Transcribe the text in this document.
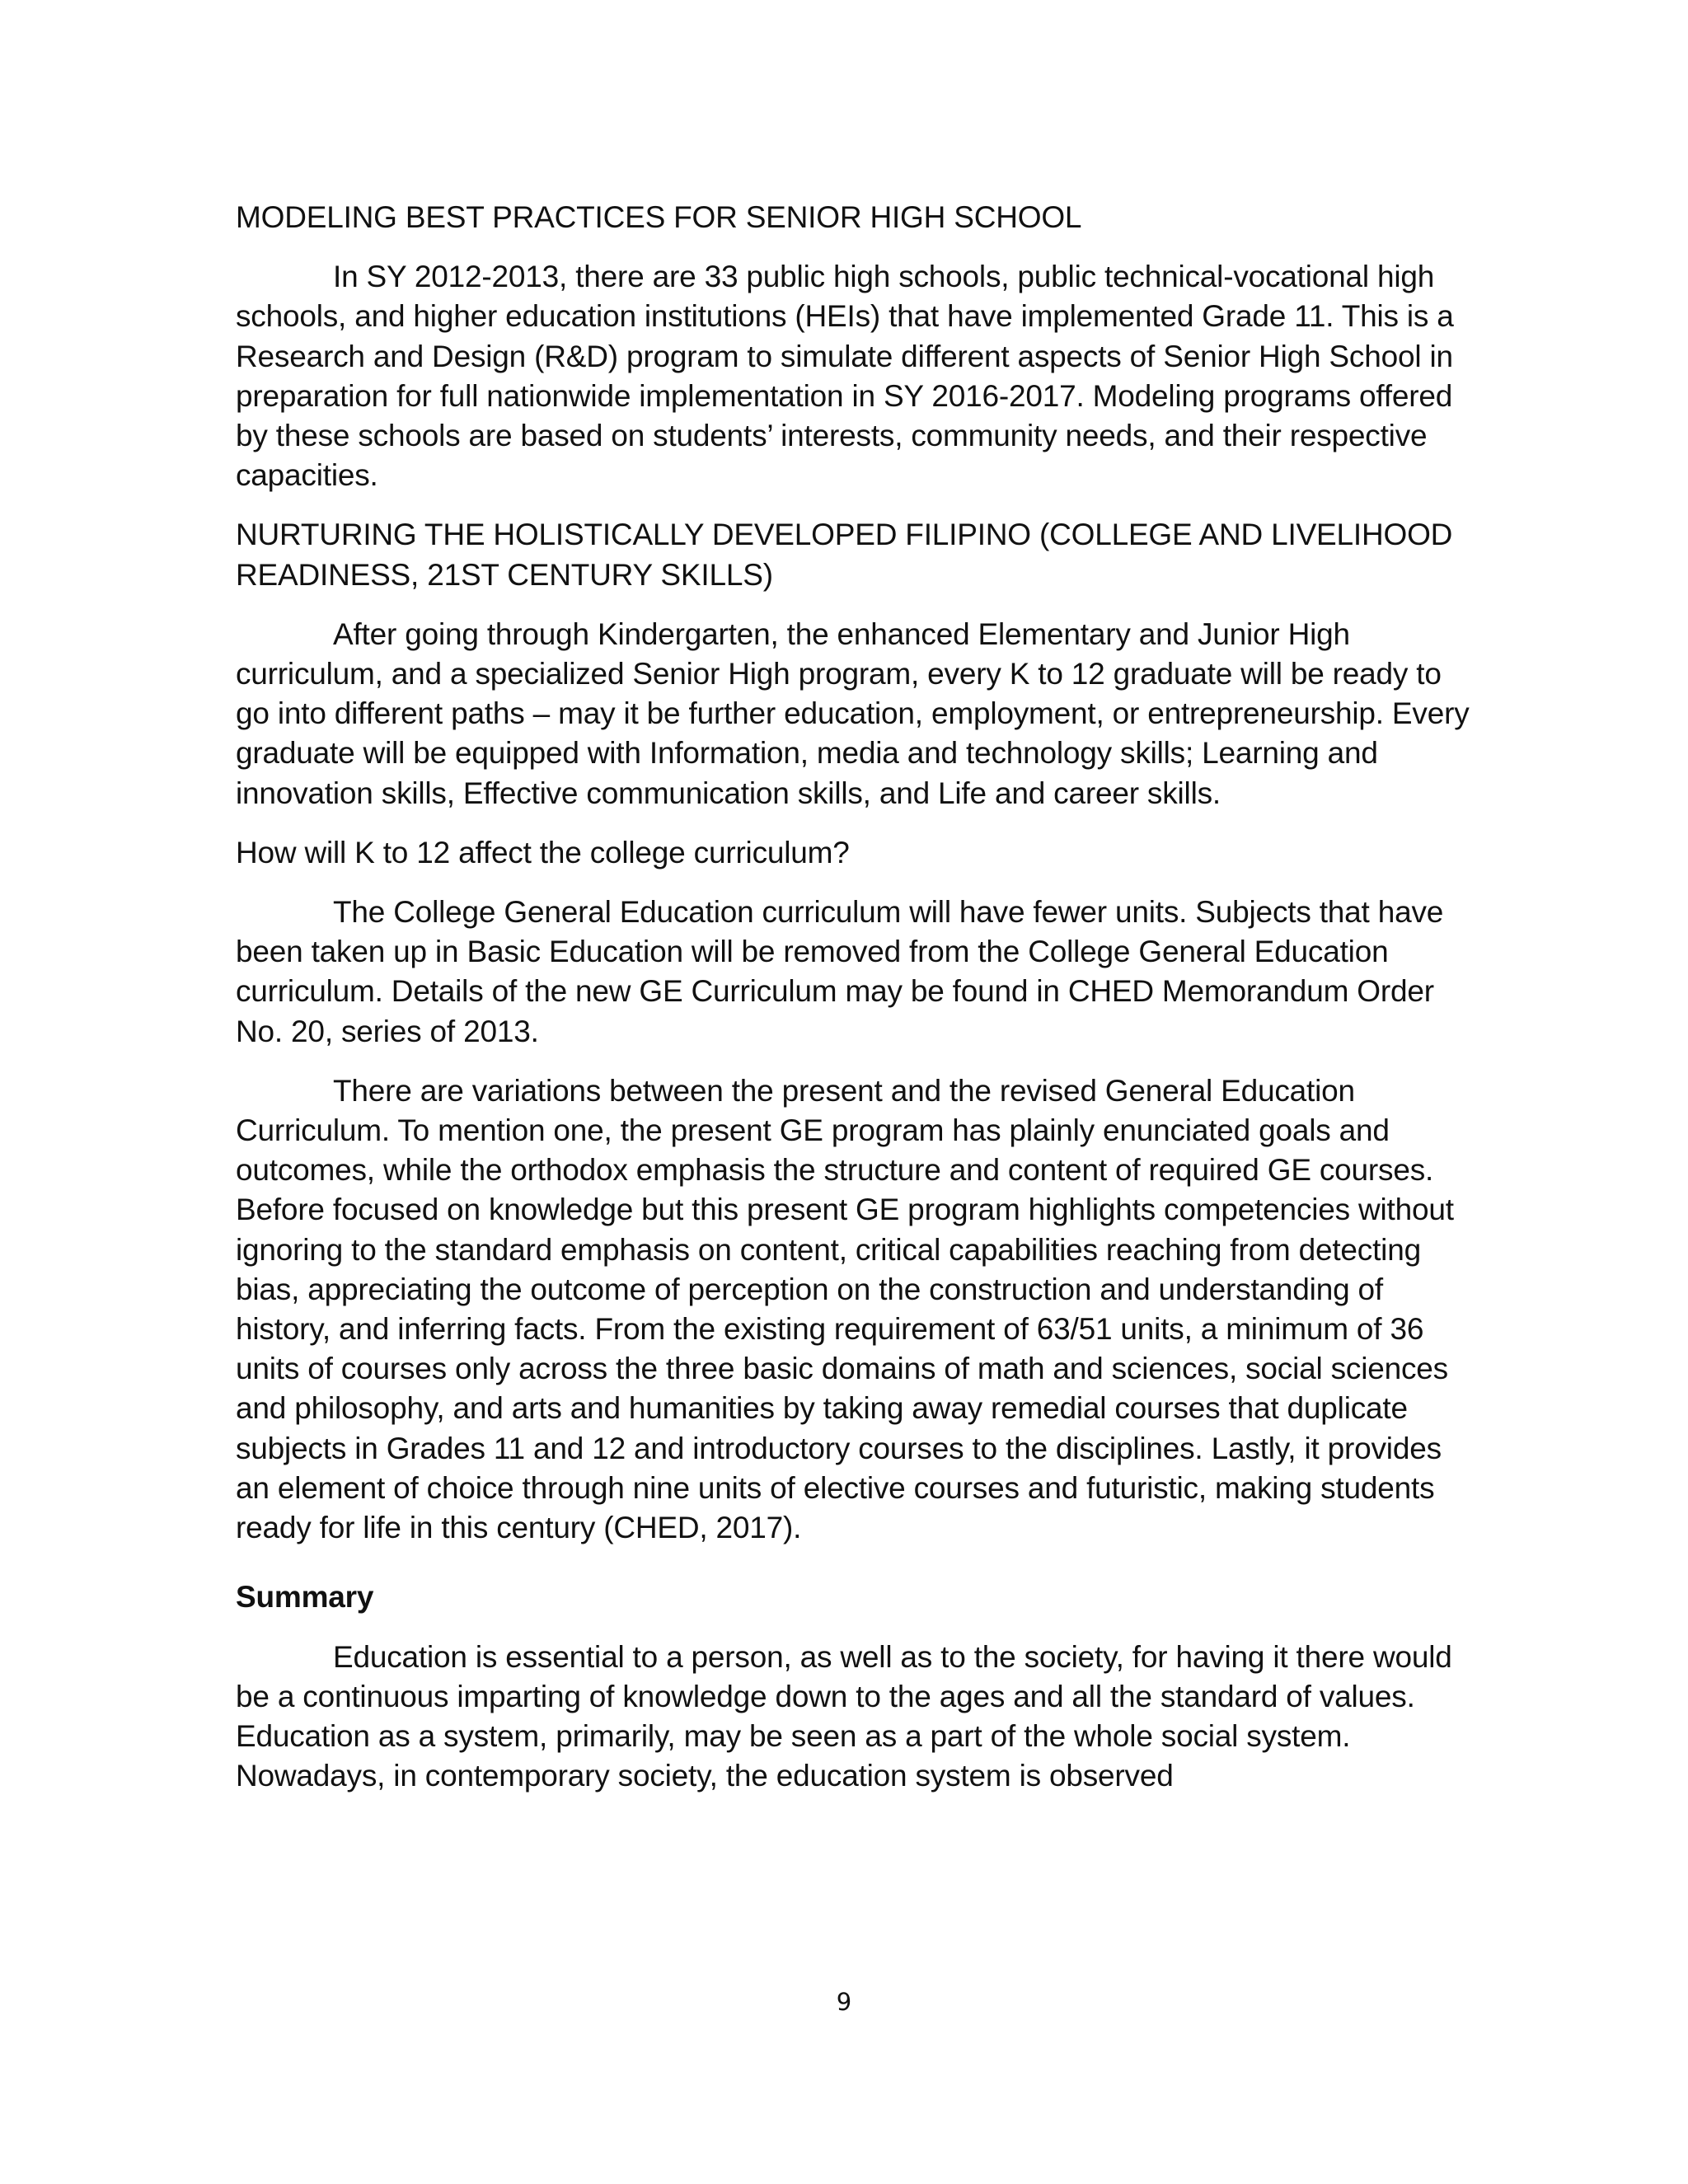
MODELING BEST PRACTICES FOR SENIOR HIGH SCHOOL

In SY 2012-2013, there are 33 public high schools, public technical-vocational high schools, and higher education institutions (HEIs) that have implemented Grade 11. This is a Research and Design (R&D) program to simulate different aspects of Senior High School in preparation for full nationwide implementation in SY 2016-2017. Modeling programs offered by these schools are based on students’ interests, community needs, and their respective capacities.

NURTURING THE HOLISTICALLY DEVELOPED FILIPINO (COLLEGE AND LIVELIHOOD READINESS, 21ST CENTURY SKILLS)

After going through Kindergarten, the enhanced Elementary and Junior High curriculum, and a specialized Senior High program, every K to 12 graduate will be ready to go into different paths – may it be further education, employment, or entrepreneurship. Every graduate will be equipped with Information, media and technology skills; Learning and innovation skills, Effective communication skills, and Life and career skills.

How will K to 12 affect the college curriculum?

The College General Education curriculum will have fewer units. Subjects that have been taken up in Basic Education will be removed from the College General Education curriculum. Details of the new GE Curriculum may be found in CHED Memorandum Order No. 20, series of 2013.

There are variations between the present and the revised General Education Curriculum. To mention one, the present GE program has plainly enunciated goals and outcomes, while the orthodox emphasis the structure and content of required GE courses. Before focused on knowledge but this present GE program highlights competencies without ignoring to the standard emphasis on content, critical capabilities reaching from detecting bias, appreciating the outcome of perception on the construction and understanding of history, and inferring facts. From the existing requirement of 63/51 units, a minimum of 36 units of courses only across the three basic domains of math and sciences, social sciences and philosophy, and arts and humanities by taking away remedial courses that duplicate subjects in Grades 11 and 12 and introductory courses to the disciplines. Lastly, it provides an element of choice through nine units of elective courses and futuristic, making students ready for life in this century (CHED, 2017).

Summary

Education is essential to a person, as well as to the society, for having it there would be a continuous imparting of knowledge down to the ages and all the standard of values. Education as a system, primarily, may be seen as a part of the whole social system. Nowadays, in contemporary society, the education system is observed

9
